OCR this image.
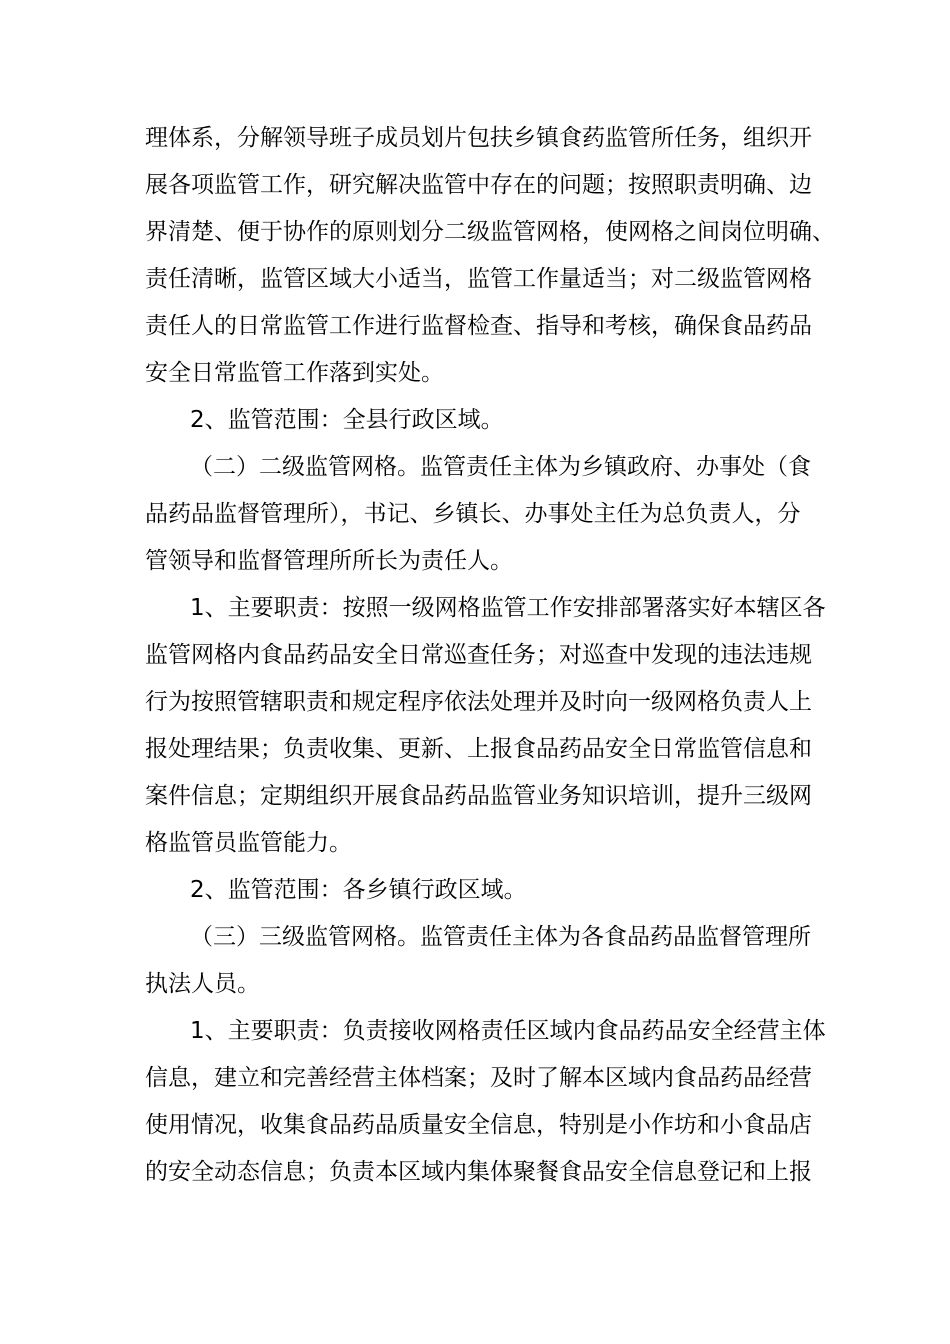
理体系，分解领导班子成员划片包扶乡镇食药监管所任务，组织开
展各项监管工作，研究解决监管中存在的问题；按照职责明确、边
界清楚、便于协作的原则划分二级监管网格，使网格之间岗位明确、
责任清晰，监管区域大小适当，监管工作量适当；对二级监管网格
责任人的日常监管工作进行监督检查、指导和考核，确保食品药品
安全日常监管工作落到实处。
2、监管范围：全县行政区域。
（二）二级监管网格。监管责任主体为乡镇政府、办事处（食
品药品监督管理所），书记、乡镇长、办事处主任为总负责人，分
管领导和监督管理所所长为责任人。
1、主要职责：按照一级网格监管工作安排部署落实好本辖区各
监管网格内食品药品安全日常巡查任务；对巡查中发现的违法违规
行为按照管辖职责和规定程序依法处理并及时向一级网格负责人上
报处理结果；负责收集、更新、上报食品药品安全日常监管信息和
案件信息；定期组织开展食品药品监管业务知识培训，提升三级网
格监管员监管能力。
2、监管范围：各乡镇行政区域。
（三）三级监管网格。监管责任主体为各食品药品监督管理所
执法人员。
1、主要职责：负责接收网格责任区域内食品药品安全经营主体
信息，建立和完善经营主体档案；及时了解本区域内食品药品经营
使用情况，收集食品药品质量安全信息，特别是小作坊和小食品店
的安全动态信息；负责本区域内集体聚餐食品安全信息登记和上报
